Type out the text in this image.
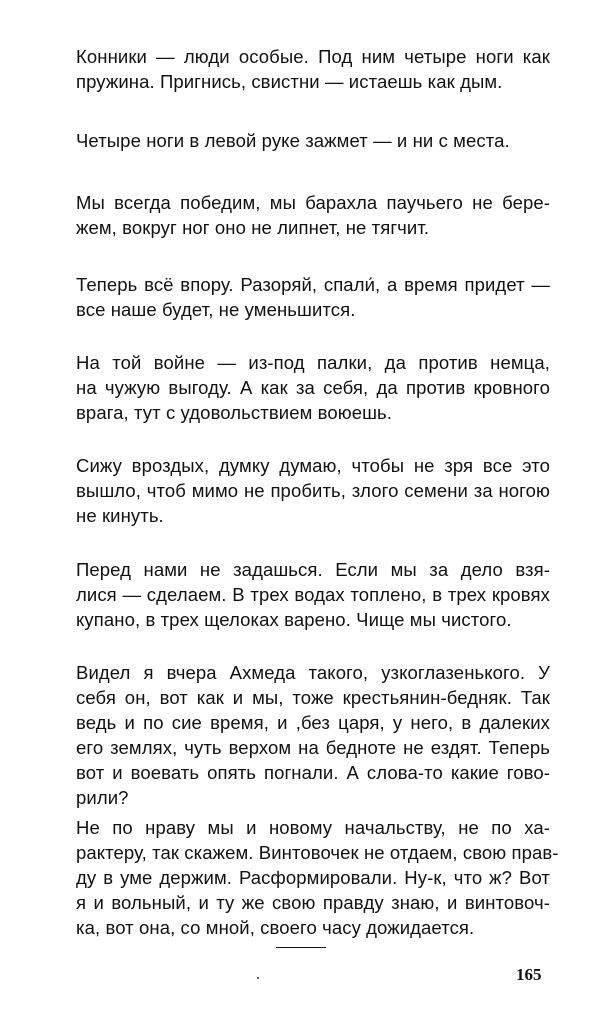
Конники — люди особые. Под ним четыре ноги как
пружина. Пригнись, свистни — истаешь как дым.

Четыре ноги в левой руке зажмет — и ни с места.

Мы всегда победим, мы барахла паучьего не бере-
жем, вокруг ног оно не липнет, не тягчит.

Теперь всё впору. Разоряй, спали́, а время придет —
все наше будет, не уменьшится.

На той войне — из-под палки, да против немца,
на чужую выгоду. А как за себя, да против кровного
врага, тут с удовольствием воюешь.

Сижу вроздых, думку думаю, чтобы не зря все это
вышло, чтоб мимо не пробить, злого семени за ногою
не кинуть.

Перед нами не задашься. Если мы за дело взя-
лися — сделаем. В трех водах топлено, в трех кровях
купано, в трех щелоках варено. Чище мы чистого.

Видел я вчера Ахмеда такого, узкоглазенького. У
себя он, вот как и мы, тоже крестьянин-бедняк. Так
ведь и по сие время, и ,без царя, у него, в далеких
его землях, чуть верхом на бедноте не ездят. Теперь
вот и воевать опять погнали. А слова-то какие гово-
рили?

Не по нраву мы и новому начальству, не по ха-
рактеру, так скажем. Винтовочек не отдаем, свою прав-
ду в уме держим. Расформировали. Ну-к, что ж? Вот
я и вольный, и ту же свою правду знаю, и винтовоч-
ка, вот она, со мной, своего часу дожидается.

165
